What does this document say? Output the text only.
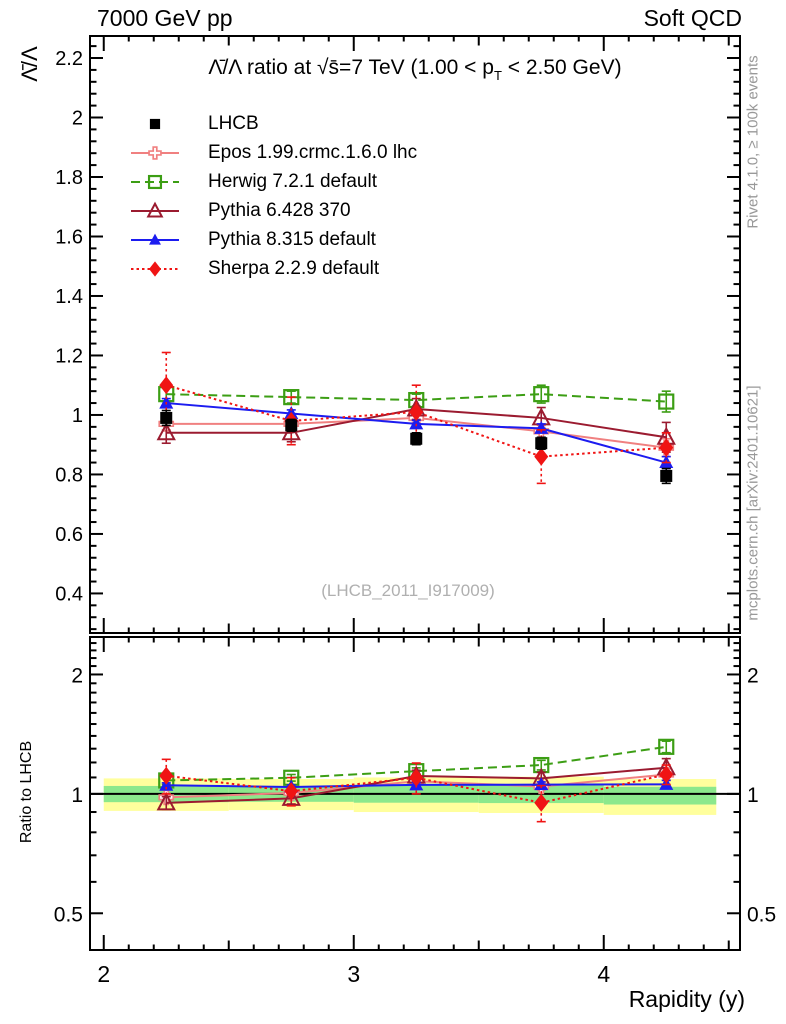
7000 GeV pp	Soft QCD
0.4
0.6
0.8
1
1.2
1.4
1.6
1.8
2
2.2
0.5	0.5
1	1
2	2
2	3	4
Λ̄/Λ ratio at √s̄=7 TeV ($1.00 < p_T < 2.50$ GeV)
Λ̄/Λ
Ratio to LHCB
Rivet 4.1.0, ≥ 100k events
mcplots.cern.ch [arXiv:2401.10621]
(LHCB_2011_I917009)
Rapidity (y)
LHCB
Epos 1.99.crmc.1.6.0 lhc
Herwig 7.2.1 default
Pythia 6.428 370
Pythia 8.315 default
Sherpa 2.2.9 default
